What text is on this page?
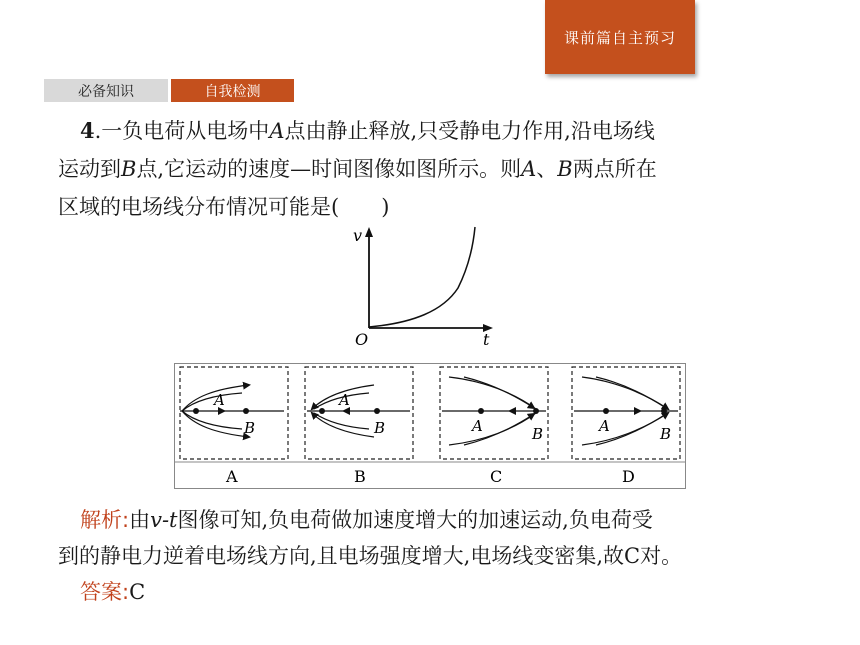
课前篇自主预习
必备知识	自我检测
4.一负电荷从电场中A点由静止释放,只受静电力作用,沿电场线
运动到B点,它运动的速度—时间图像如图所示。则A、B两点所在
区域的电场线分布情况可能是(　　)
v
O	t
A
B
A
A
B
B
A	B
C
A	B
D
解析:由v-t图像可知,负电荷做加速度增大的加速运动,负电荷受
到的静电力逆着电场线方向,且电场强度增大,电场线变密集,故C对。
答案:C
